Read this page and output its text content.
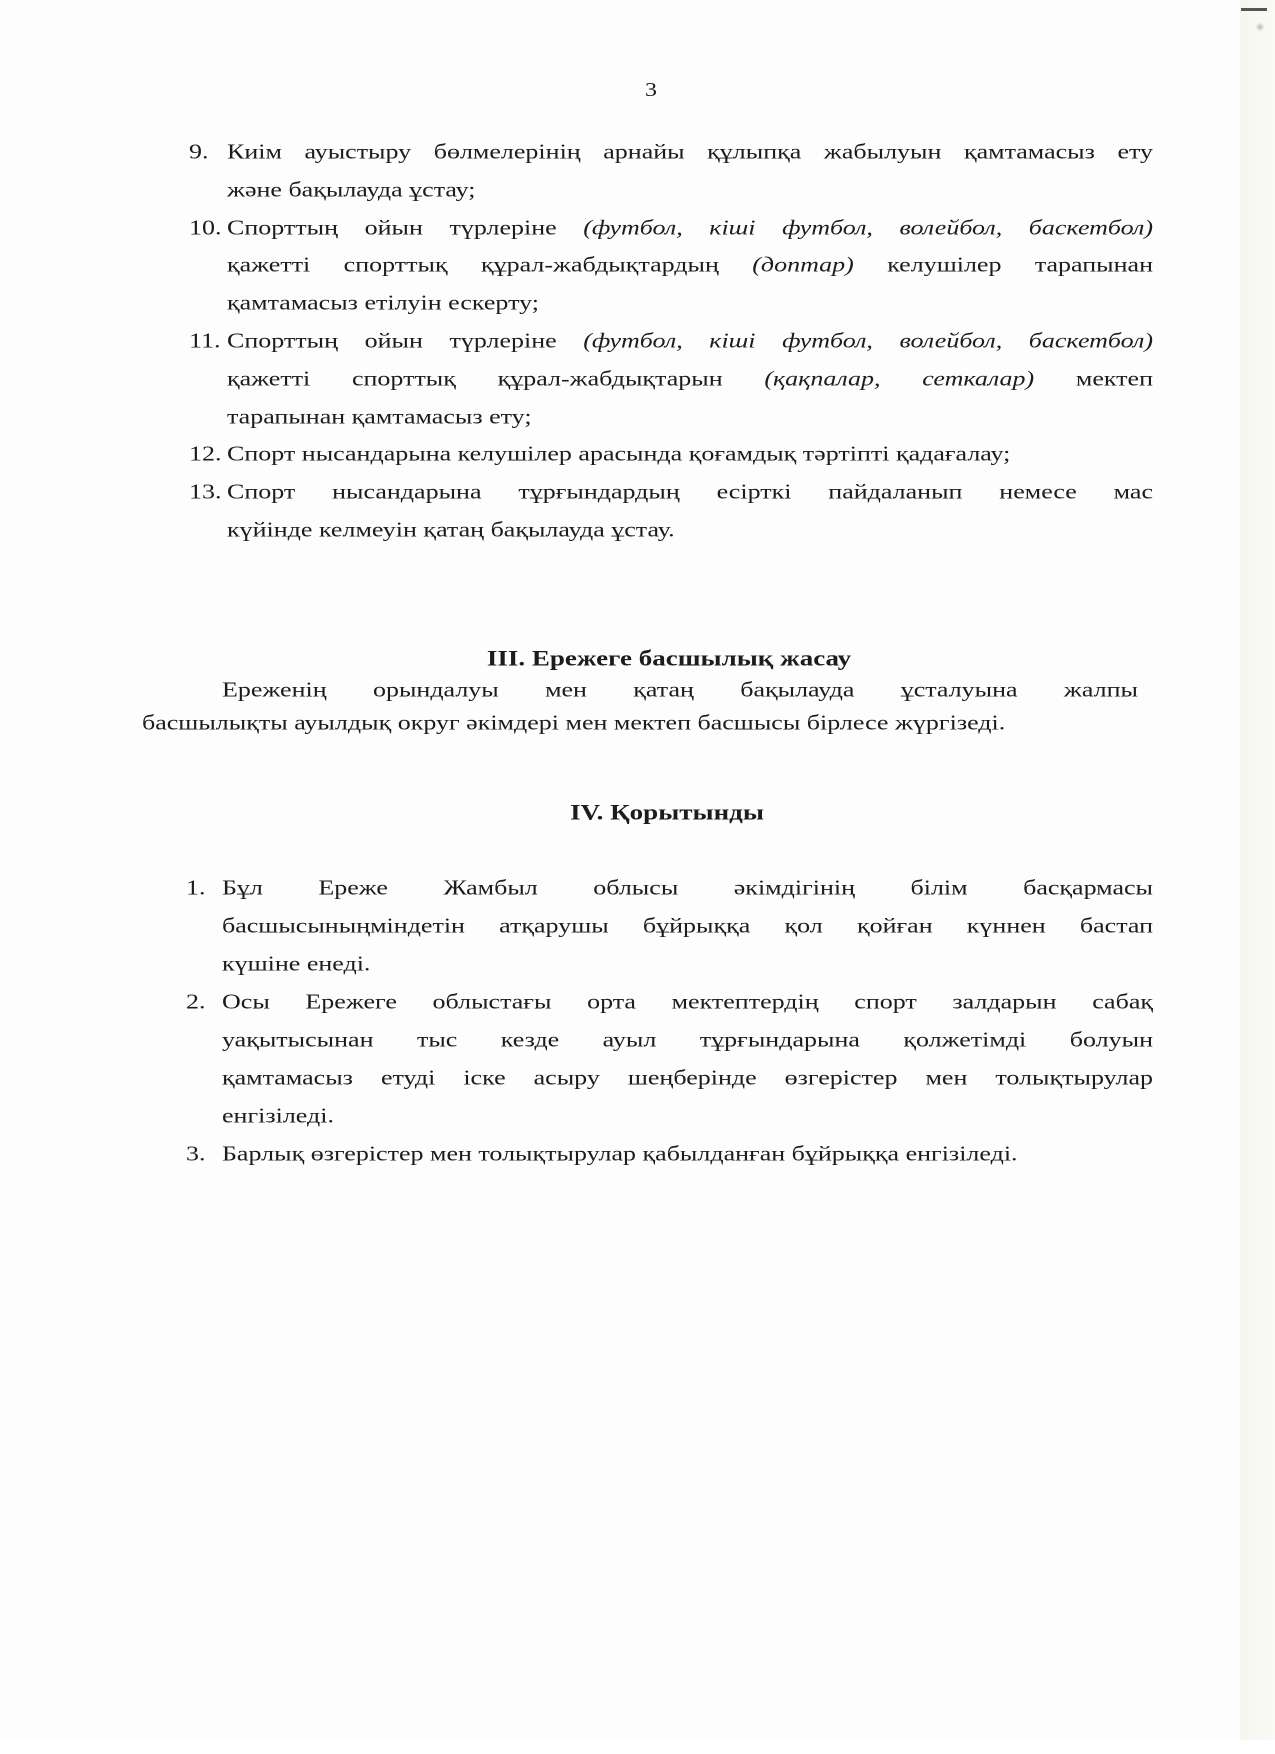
3
9. Киім ауыстыру бөлмелерінің арнайы құлыпқа жабылуын қамтамасыз ету
және бақылауда ұстау;
10. Спорттың ойын түрлеріне (футбол, кіші футбол, волейбол, баскетбол)
қажетті спорттық құрал-жабдықтардың (доптар) келушілер тарапынан
қамтамасыз етілуін ескерту;
11. Спорттың ойын түрлеріне (футбол, кіші футбол, волейбол, баскетбол)
қажетті спорттық құрал-жабдықтарын (қақпалар, сеткалар) мектеп
тарапынан қамтамасыз ету;
12. Спорт нысандарына келушілер арасында қоғамдық тәртіпті қадағалау;
13. Спорт нысандарына тұрғындардың есірткі пайдаланып немесе мас
күйінде келмеуін қатаң бақылауда ұстау.
III. Ережеге басшылық жасау
Ереженің орындалуы мен қатаң бақылауда ұсталуына жалпы
басшылықты ауылдық округ әкімдері мен мектеп басшысы бірлесе жүргізеді.
IV. Қорытынды
1. Бұл Ереже Жамбыл облысы әкімдігінің білім басқармасы
басшысыныңміндетін атқарушы бұйрыққа қол қойған күннен бастап
күшіне енеді.
2. Осы Ережеге облыстағы орта мектептердің спорт залдарын сабақ
уақытысынан тыс кезде ауыл тұрғындарына қолжетімді болуын
қамтамасыз етуді іске асыру шеңберінде өзгерістер мен толықтырулар
енгізіледі.
3. Барлық өзгерістер мен толықтырулар қабылданған бұйрыққа енгізіледі.
